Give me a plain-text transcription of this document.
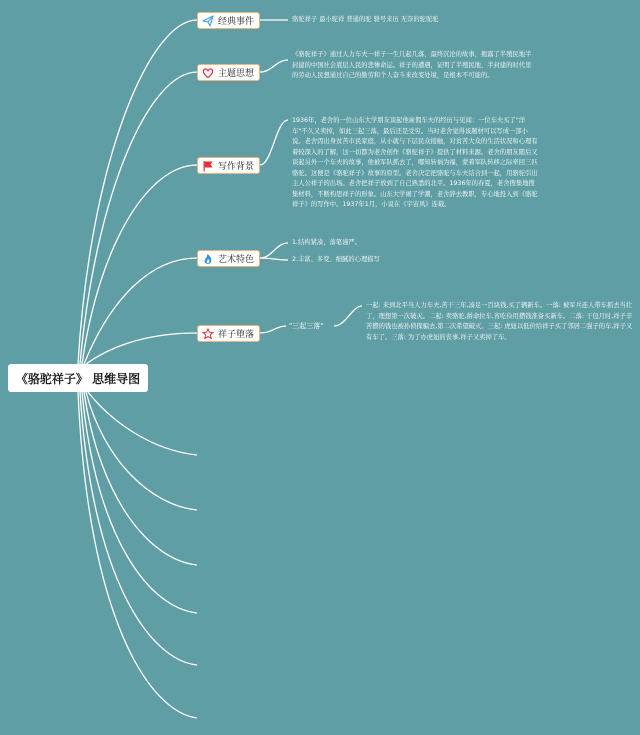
《骆驼祥子》 思维导图
经典事件	骆驼祥子 最小驼祥 普通的驼 骆号来历 无奈的驼驼驼
主题思想
《骆驼祥子》通过人力车夫一祥子一生几起几落、最终沉沦的故事，揭露了半殖民地半封建的中国社会底层人民的悲惨命运。祥子的遭遇，证明了半殖民地、半封建的时代里的劳动人民想通过自己的勤劳和个人奋斗来改变处境，是根本不可能的。
写作背景
1936年，老舍的一位山东大学朋友谈起他雇佣车夫的经历与见闻：一位车夫买了"洋车"不久又卖掉，如此三起三落，最后还是受穷。当时老舍觉得该题材可以写成一部小说。老舍因出身贫苦市民家庭，从小就与下层民众接触，对贫苦大众的生活状况和心理有着较深入的了解，这一切都为老舍创作《骆驼祥子》提供了材料来源。老舍的朋友随后又谈起另外一个车夫的故事，他被军队抓去了，哪知转祸为福，蒙着军队转移之际牵回三匹骆驼。这便是《骆驼祥子》故事的原型。老舍决定把骆驼与车夫结合到一起，用骆驼引出主人公祥子的出场。老舍把祥子放到了自己熟悉的北平。1936年的春夏，老舍搜集地搜集材料，不断构思祥子的形象。山东大学闹了学潮，老舍辞去教职，专心地投入到《骆驼祥子》的写作中。1937年1月，小说在《宇宙风》连载。
艺术特色
1.结构紧凑，落笔谨严。
2.丰富、多变、细腻的心理描写
祥子堕落
"三起三落"
一起: 来到北平当人力车夫,苦干三年,凑足一百块钱,买了辆新车。一落: 被军兵连人带车抓去当壮丁，理想第一次破灭。二起: 卖骆驼,拼命拉车,省吃俭用攒钱准备买新车。二落: 干包月时,祥子辛苦攒的钱也被孙侦探骗去,第二次希望破灭。三起: 虎妞以低价给祥子买了邻居二强子的车,祥子又有车了。三落: 为了办虎妞的丧事,祥子又卖掉了车。
